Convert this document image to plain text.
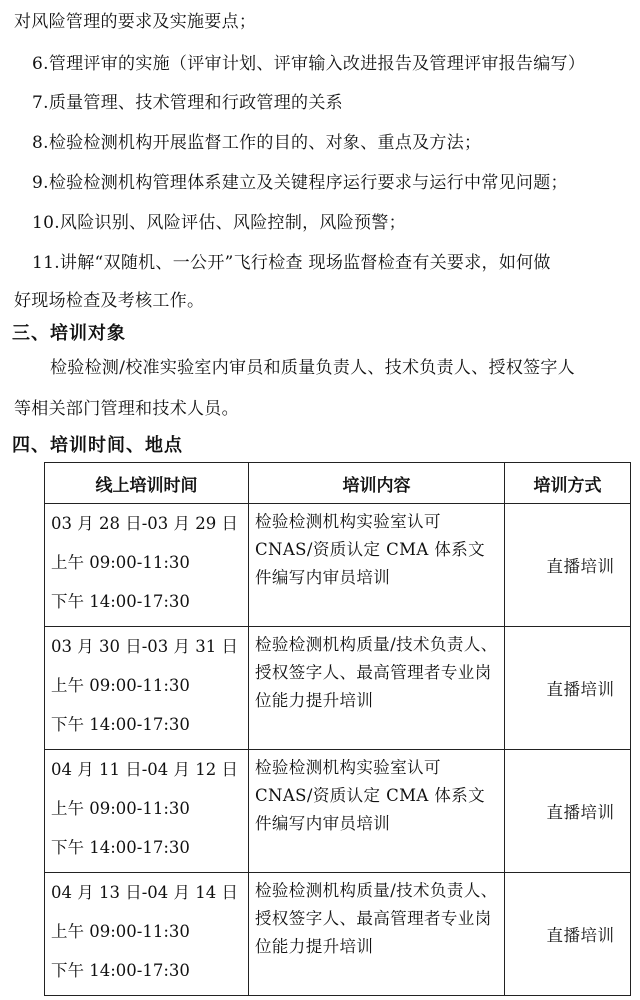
对风险管理的要求及实施要点；
6.管理评审的实施（评审计划、评审输入改进报告及管理评审报告编写）
7.质量管理、技术管理和行政管理的关系
8.检验检测机构开展监督工作的目的、对象、重点及方法；
9.检验检测机构管理体系建立及关键程序运行要求与运行中常见问题；
10.风险识别、风险评估、风险控制，风险预警；
11.讲解“双随机、一公开”飞行检查 现场监督检查有关要求，如何做
好现场检查及考核工作。
三、培训对象
检验检测/校准实验室内审员和质量负责人、技术负责人、授权签字人
等相关部门管理和技术人员。
四、培训时间、地点
线上培训时间	培训内容	培训方式

03 月 28 日-03 月 29 日
上午 09:00-11:30
下午 14:00-17:30	检验检测机构实验室认可CNAS/资质认定 CMA 体系文件编写内审员培训	直播培训

03 月 30 日-03 月 31 日
上午 09:00-11:30
下午 14:00-17:30	检验检测机构质量/技术负责人、授权签字人、最高管理者专业岗位能力提升培训	直播培训

04 月 11 日-04 月 12 日
上午 09:00-11:30
下午 14:00-17:30	检验检测机构实验室认可CNAS/资质认定 CMA 体系文件编写内审员培训	直播培训

04 月 13 日-04 月 14 日
上午 09:00-11:30
下午 14:00-17:30	检验检测机构质量/技术负责人、授权签字人、最高管理者专业岗位能力提升培训	直播培训
